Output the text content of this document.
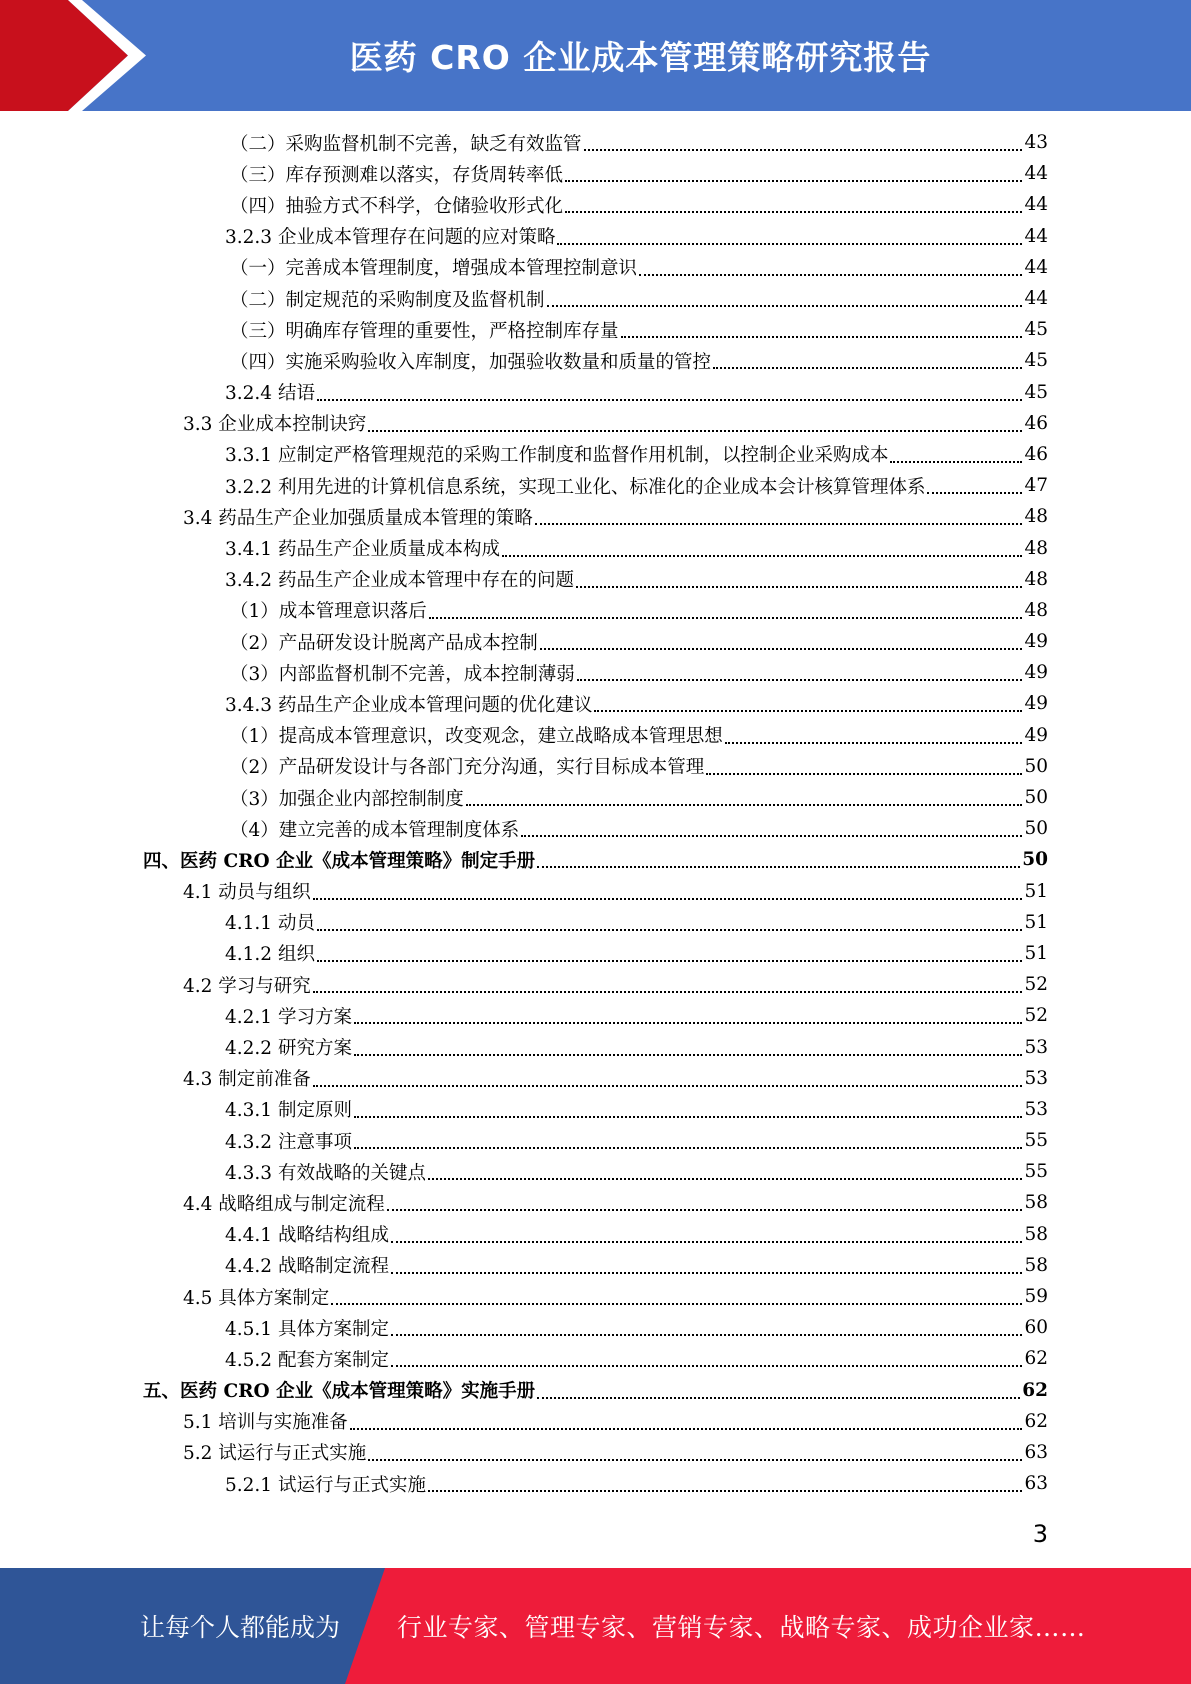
医药 CRO 企业成本管理策略研究报告
（二）采购监督机制不完善，缺乏有效监管	43
（三）库存预测难以落实，存货周转率低	44
（四）抽验方式不科学，仓储验收形式化	44
3.2.3 企业成本管理存在问题的应对策略	44
（一）完善成本管理制度，增强成本管理控制意识	44
（二）制定规范的采购制度及监督机制	44
（三）明确库存管理的重要性，严格控制库存量	45
（四）实施采购验收入库制度，加强验收数量和质量的管控	45
3.2.4 结语	45
3.3 企业成本控制诀窍	46
3.3.1 应制定严格管理规范的采购工作制度和监督作用机制，以控制企业采购成本	46
3.2.2 利用先进的计算机信息系统，实现工业化、标准化的企业成本会计核算管理体系	47
3.4 药品生产企业加强质量成本管理的策略	48
3.4.1 药品生产企业质量成本构成	48
3.4.2 药品生产企业成本管理中存在的问题	48
（1）成本管理意识落后	48
（2）产品研发设计脱离产品成本控制	49
（3）内部监督机制不完善，成本控制薄弱	49
3.4.3 药品生产企业成本管理问题的优化建议	49
（1）提高成本管理意识，改变观念，建立战略成本管理思想	49
（2）产品研发设计与各部门充分沟通，实行目标成本管理	50
（3）加强企业内部控制制度	50
（4）建立完善的成本管理制度体系	50
四、医药 CRO 企业《成本管理策略》制定手册	50
4.1 动员与组织	51
4.1.1 动员	51
4.1.2 组织	51
4.2 学习与研究	52
4.2.1 学习方案	52
4.2.2 研究方案	53
4.3 制定前准备	53
4.3.1 制定原则	53
4.3.2 注意事项	55
4.3.3 有效战略的关键点	55
4.4 战略组成与制定流程	58
4.4.1 战略结构组成	58
4.4.2 战略制定流程	58
4.5 具体方案制定	59
4.5.1 具体方案制定	60
4.5.2 配套方案制定	62
五、医药 CRO 企业《成本管理策略》实施手册	62
5.1 培训与实施准备	62
5.2 试运行与正式实施	63
5.2.1 试运行与正式实施	63
3
让每个人都能成为 行业专家、管理专家、营销专家、战略专家、成功企业家……
